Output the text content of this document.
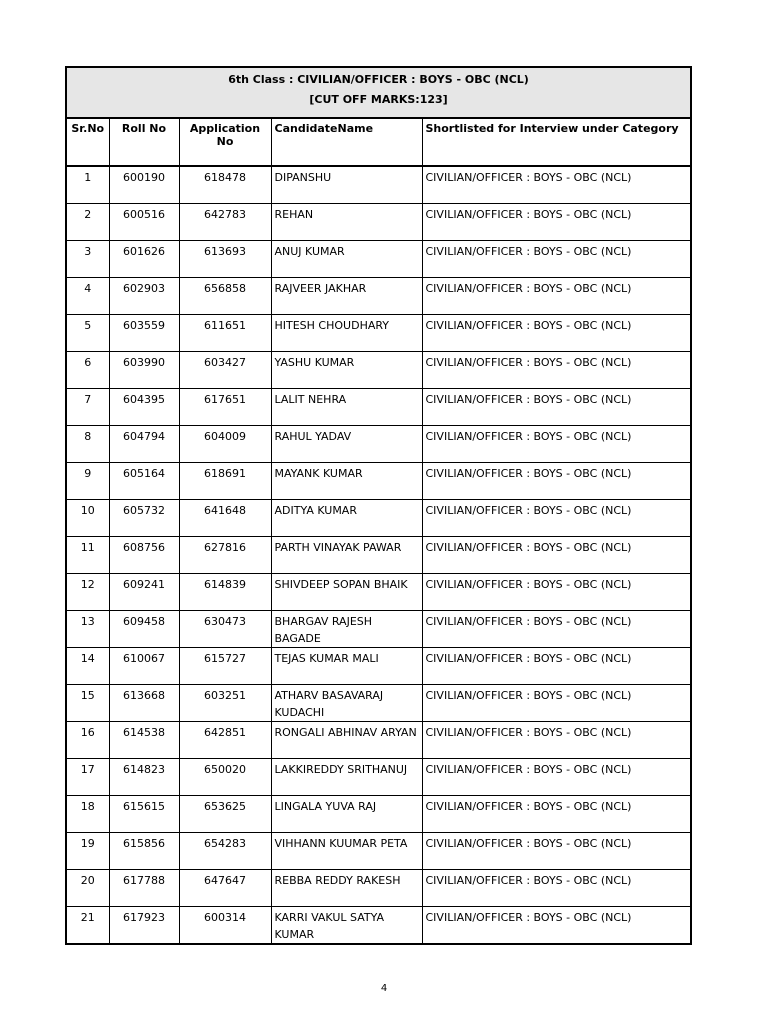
6th Class : CIVILIAN/OFFICER : BOYS - OBC (NCL)
[CUT OFF MARKS:123]				

Sr.No	Roll No	Application No	CandidateName	Shortlisted for Interview under Category
1	600190	618478	DIPANSHU	CIVILIAN/OFFICER : BOYS - OBC (NCL)
2	600516	642783	REHAN	CIVILIAN/OFFICER : BOYS - OBC (NCL)
3	601626	613693	ANUJ KUMAR	CIVILIAN/OFFICER : BOYS - OBC (NCL)
4	602903	656858	RAJVEER JAKHAR	CIVILIAN/OFFICER : BOYS - OBC (NCL)
5	603559	611651	HITESH CHOUDHARY	CIVILIAN/OFFICER : BOYS - OBC (NCL)
6	603990	603427	YASHU KUMAR	CIVILIAN/OFFICER : BOYS - OBC (NCL)
7	604395	617651	LALIT NEHRA	CIVILIAN/OFFICER : BOYS - OBC (NCL)
8	604794	604009	RAHUL YADAV	CIVILIAN/OFFICER : BOYS - OBC (NCL)
9	605164	618691	MAYANK KUMAR	CIVILIAN/OFFICER : BOYS - OBC (NCL)
10	605732	641648	ADITYA KUMAR	CIVILIAN/OFFICER : BOYS - OBC (NCL)
11	608756	627816	PARTH VINAYAK PAWAR	CIVILIAN/OFFICER : BOYS - OBC (NCL)
12	609241	614839	SHIVDEEP SOPAN BHAIK	CIVILIAN/OFFICER : BOYS - OBC (NCL)
13	609458	630473	BHARGAV RAJESH BAGADE	CIVILIAN/OFFICER : BOYS - OBC (NCL)
14	610067	615727	TEJAS KUMAR MALI	CIVILIAN/OFFICER : BOYS - OBC (NCL)
15	613668	603251	ATHARV BASAVARAJ KUDACHI	CIVILIAN/OFFICER : BOYS - OBC (NCL)
16	614538	642851	RONGALI ABHINAV ARYAN	CIVILIAN/OFFICER : BOYS - OBC (NCL)
17	614823	650020	LAKKIREDDY SRITHANUJ	CIVILIAN/OFFICER : BOYS - OBC (NCL)
18	615615	653625	LINGALA YUVA RAJ	CIVILIAN/OFFICER : BOYS - OBC (NCL)
19	615856	654283	VIHHANN KUUMAR PETA	CIVILIAN/OFFICER : BOYS - OBC (NCL)
20	617788	647647	REBBA REDDY RAKESH	CIVILIAN/OFFICER : BOYS - OBC (NCL)
21	617923	600314	KARRI VAKUL SATYA KUMAR	CIVILIAN/OFFICER : BOYS - OBC (NCL)
4
